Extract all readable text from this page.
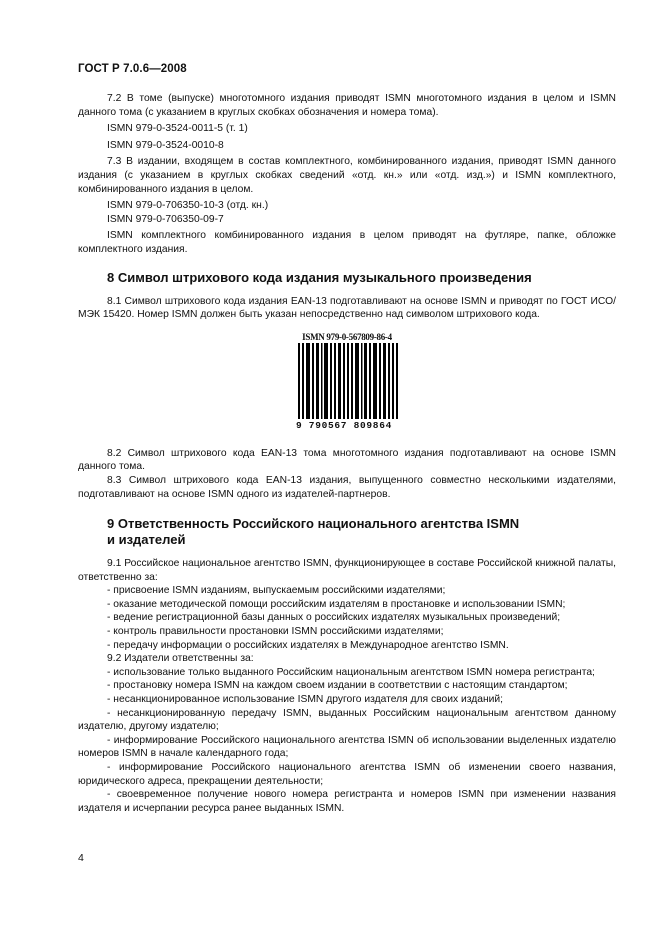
ГОСТ Р 7.0.6—2008

7.2 В томе (выпуске) многотомного издания приводят ISMN многотомного издания в целом и ISMN данного тома (с указанием в круглых скобках обозначения и номера тома).

ISMN 979-0-3524-0011-5 (т. 1)

ISMN 979-0-3524-0010-8

7.3 В издании, входящем в состав комплектного, комбинированного издания, приводят ISMN данного издания (с указанием в круглых скобках сведений «отд. кн.» или «отд. изд.») и ISMN комплектного, комбинированного издания в целом.

ISMN 979-0-706350-10-3 (отд. кн.)

ISMN 979-0-706350-09-7

ISMN комплектного комбинированного издания в целом приводят на футляре, папке, обложке комплектного издания.

8 Символ штрихового кода издания музыкального произведения

8.1 Символ штрихового кода издания EAN-13 подготавливают на основе ISMN и приводят по ГОСТ ИСО/МЭК 15420. Номер ISMN должен быть указан непосредственно над символом штрихового кода.

ISMN 979-0-567809-86-4
9 790567 809864

8.2 Символ штрихового кода EAN-13 тома многотомного издания подготавливают на основе ISMN данного тома.

8.3 Символ штрихового кода EAN-13 издания, выпущенного совместно несколькими издателями, подготавливают на основе ISMN одного из издателей-партнеров.

9 Ответственность Российского национального агентства ISMN
и издателей

9.1 Российское национальное агентство ISMN, функционирующее в составе Российской книжной палаты, ответственно за:

- присвоение ISMN изданиям, выпускаемым российскими издателями;

- оказание методической помощи российским издателям в простановке и использовании ISMN;

- ведение регистрационной базы данных о российских издателях музыкальных произведений;

- контроль правильности простановки ISMN российскими издателями;

- передачу информации о российских издателях в Международное агентство ISMN.

9.2 Издатели ответственны за:

- использование только выданного Российским национальным агентством ISMN номера регистранта;

- простановку номера ISMN на каждом своем издании в соответствии с настоящим стандартом;

- несанкционированное использование ISMN другого издателя для своих изданий;

- несанкционированную передачу ISMN, выданных Российским национальным агентством данному издателю, другому издателю;

- информирование Российского национального агентства ISMN об использовании выделенных издателю номеров ISMN в начале календарного года;

- информирование Российского национального агентства ISMN об изменении своего названия, юридического адреса, прекращении деятельности;

- своевременное получение нового номера регистранта и номеров ISMN при изменении названия издателя и исчерпании ресурса ранее выданных ISMN.

4
